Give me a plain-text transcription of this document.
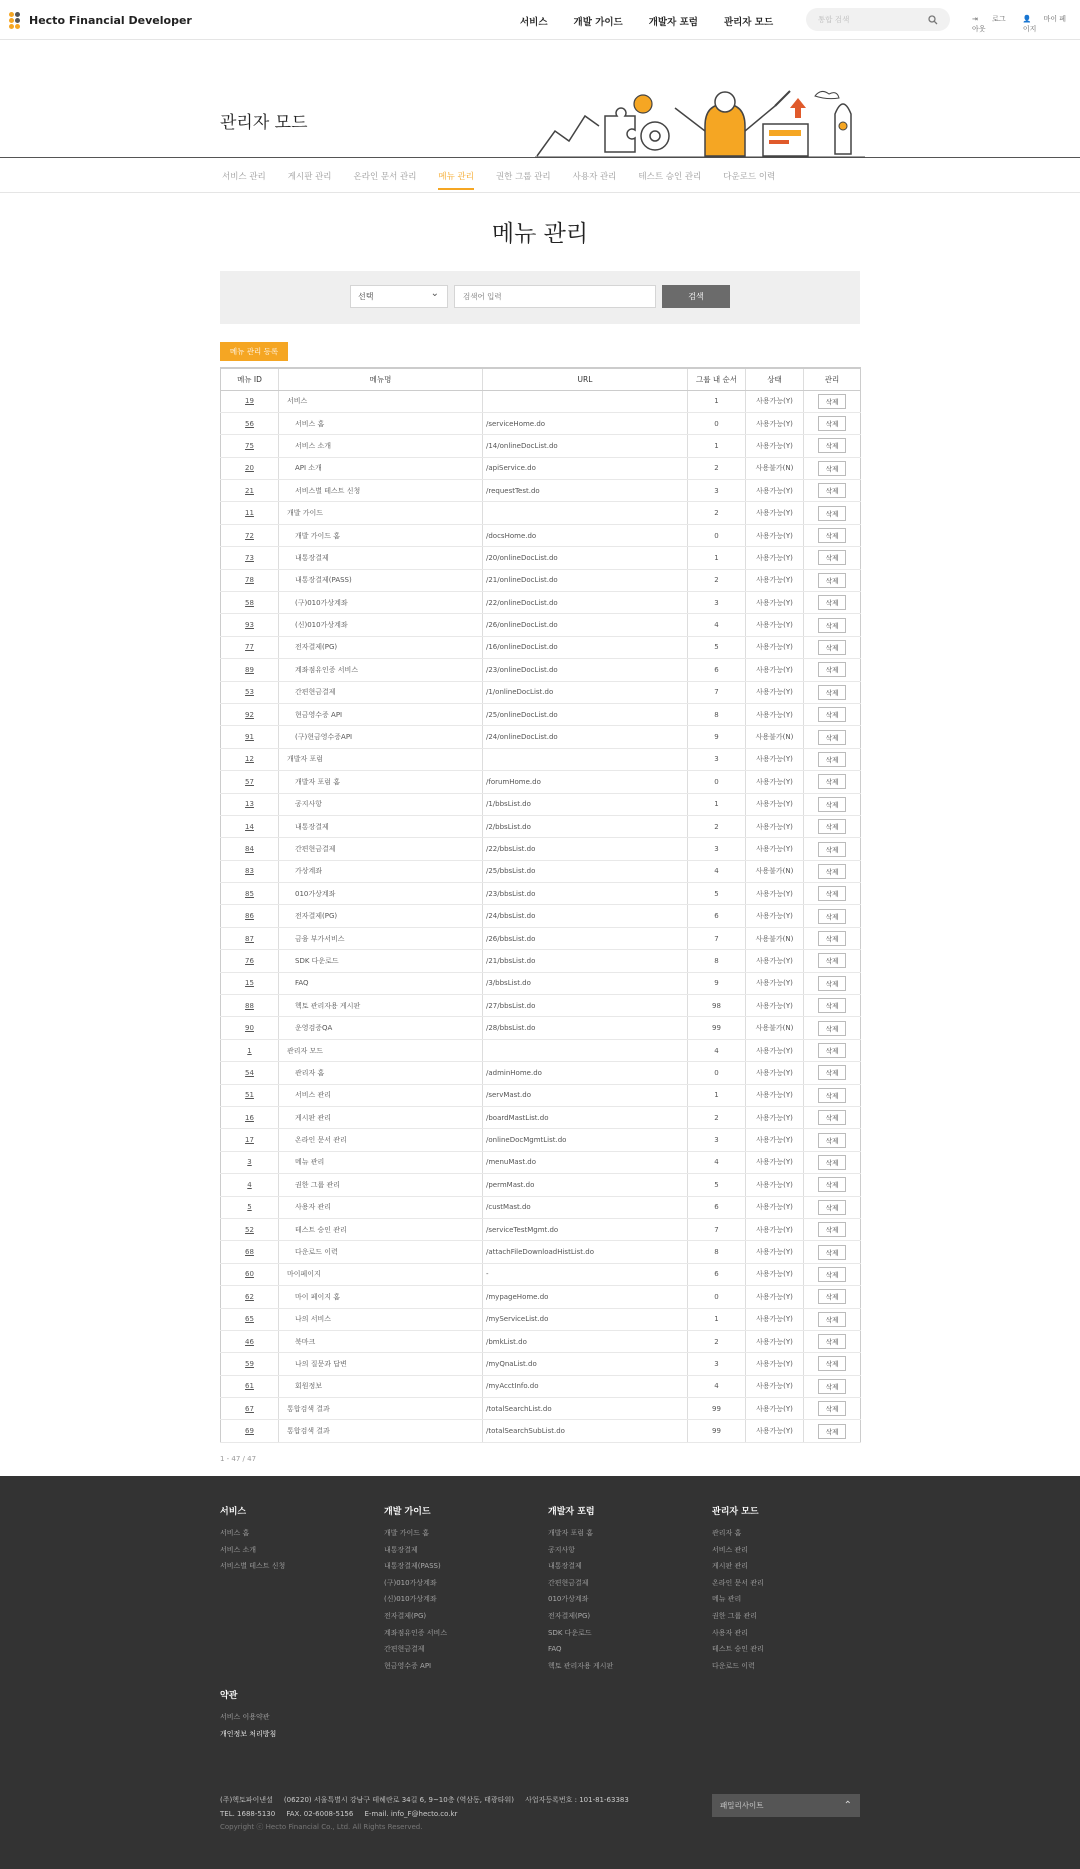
Hecto Financial Developer	서비스	개발 가이드	개발자 포럼	관리자 모드	통합 검색	⇥ 로그아웃
👤 마이 페이지
관리자 모드
서비스 관리	게시판 관리	온라인 문서 관리	메뉴 관리	권한 그룹 관리	사용자 관리	테스트 승인 관리	다운로드 이력
메뉴 관리
선택 ⌄
검색어 입력	검색
메뉴 관리 등록
메뉴 ID	메뉴명	URL	그룹 내 순서	상태	관리
19	서비스		1	사용가능(Y)	삭제
56	서비스 홈	/serviceHome.do	0	사용가능(Y)	삭제
75	서비스 소개	/14/onlineDocList.do	1	사용가능(Y)	삭제
20	API 소개	/apiService.do	2	사용불가(N)	삭제
21	서비스별 테스트 신청	/requestTest.do	3	사용가능(Y)	삭제
11	개발 가이드		2	사용가능(Y)	삭제
72	개발 가이드 홈	/docsHome.do	0	사용가능(Y)	삭제
73	내통장결제	/20/onlineDocList.do	1	사용가능(Y)	삭제
78	내통장결제(PASS)	/21/onlineDocList.do	2	사용가능(Y)	삭제
58	(구)010가상계좌	/22/onlineDocList.do	3	사용가능(Y)	삭제
93	(신)010가상계좌	/26/onlineDocList.do	4	사용가능(Y)	삭제
77	전자결제(PG)	/16/onlineDocList.do	5	사용가능(Y)	삭제
89	계좌점유인증 서비스	/23/onlineDocList.do	6	사용가능(Y)	삭제
53	간편현금결제	/1/onlineDocList.do	7	사용가능(Y)	삭제
92	현금영수증 API	/25/onlineDocList.do	8	사용가능(Y)	삭제
91	(구)현금영수증API	/24/onlineDocList.do	9	사용불가(N)	삭제
12	개발자 포럼		3	사용가능(Y)	삭제
57	개발자 포럼 홈	/forumHome.do	0	사용가능(Y)	삭제
13	공지사항	/1/bbsList.do	1	사용가능(Y)	삭제
14	내통장결제	/2/bbsList.do	2	사용가능(Y)	삭제
84	간편현금결제	/22/bbsList.do	3	사용가능(Y)	삭제
83	가상계좌	/25/bbsList.do	4	사용불가(N)	삭제
85	010가상계좌	/23/bbsList.do	5	사용가능(Y)	삭제
86	전자결제(PG)	/24/bbsList.do	6	사용가능(Y)	삭제
87	금융 부가서비스	/26/bbsList.do	7	사용불가(N)	삭제
76	SDK 다운로드	/21/bbsList.do	8	사용가능(Y)	삭제
15	FAQ	/3/bbsList.do	9	사용가능(Y)	삭제
88	헥토 관리자용 게시판	/27/bbsList.do	98	사용가능(Y)	삭제
90	운영검증QA	/28/bbsList.do	99	사용불가(N)	삭제
1	관리자 모드		4	사용가능(Y)	삭제
54	관리자 홈	/adminHome.do	0	사용가능(Y)	삭제
51	서비스 관리	/servMast.do	1	사용가능(Y)	삭제
16	게시판 관리	/boardMastList.do	2	사용가능(Y)	삭제
17	온라인 문서 관리	/onlineDocMgmtList.do	3	사용가능(Y)	삭제
3	메뉴 관리	/menuMast.do	4	사용가능(Y)	삭제
4	권한 그룹 관리	/permMast.do	5	사용가능(Y)	삭제
5	사용자 관리	/custMast.do	6	사용가능(Y)	삭제
52	테스트 승인 관리	/serviceTestMgmt.do	7	사용가능(Y)	삭제
68	다운로드 이력	/attachFileDownloadHistList.do	8	사용가능(Y)	삭제
60	마이페이지	-	6	사용가능(Y)	삭제
62	마이 페이지 홈	/mypageHome.do	0	사용가능(Y)	삭제
65	나의 서비스	/myServiceList.do	1	사용가능(Y)	삭제
46	북마크	/bmkList.do	2	사용가능(Y)	삭제
59	나의 질문과 답변	/myQnaList.do	3	사용가능(Y)	삭제
61	회원정보	/myAcctInfo.do	4	사용가능(Y)	삭제
67	통합검색 결과	/totalSearchList.do	99	사용가능(Y)	삭제
69	통합검색 결과	/totalSearchSubList.do	99	사용가능(Y)	삭제
1 - 47 / 47
서비스

서비스 홈

서비스 소개

서비스별 테스트 신청

개발 가이드

개발 가이드 홈

내통장결제

내통장결제(PASS)

(구)010가상계좌

(신)010가상계좌

전자결제(PG)

계좌점유인증 서비스

간편현금결제

현금영수증 API

개발자 포럼

개발자 포럼 홈

공지사항

내통장결제

간편현금결제

010가상계좌

전자결제(PG)

SDK 다운로드

FAQ

헥토 관리자용 게시판

관리자 모드

관리자 홈

서비스 관리

게시판 관리

온라인 문서 관리

메뉴 관리

권한 그룹 관리

사용자 관리

테스트 승인 관리

다운로드 이력

약관

서비스 이용약관

개인정보 처리방침

(주)헥토파이낸셜     (06220) 서울특별시 강남구 테헤란로 34길 6, 9~10층 (역삼동, 태광타워)     사업자등록번호 : 101-81-63383
TEL. 1688-5130     FAX. 02-6008-5156     E-mail. info_F@hecto.co.kr
Copyright ⓒ Hecto Financial Co., Ltd. All Rights Reserved.
패밀리사이트 ⌃
